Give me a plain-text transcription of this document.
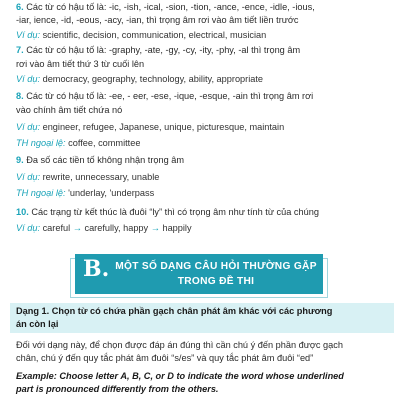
6. Các từ có hậu tố là: -ic, -ish, -ical, -sion, -tion, -ance, -ence, -idle, -ious,
-iar, ience, -id, -eous, -acy, -ian, thì trọng âm rơi vào âm tiết liền trước
Ví dụ: scientific, decision, communication, electrical, musician
7. Các từ có hậu tố là: -graphy, -ate, -gy, -cy, -ity, -phy, -al thì trọng âm
rơi vào âm tiết thứ 3 từ cuối lên
Ví dụ: democracy, geography, technology, ability, appropriate
8. Các từ có hậu tố là: -ee, - eer, -ese, -ique, -esque, -ain thì trọng âm rơi
vào chính âm tiết chứa nó
Ví dụ: engineer, refugee, Japanese, unique, picturesque, maintain
TH ngoại lệ: coffee, committee
9. Đa số các tiền tố không nhận trọng âm
Ví dụ: rewrite, unnecessary, unable
TH ngoại lệ: 'underlay, 'underpass
10. Các trạng từ kết thúc là đuôi “ly” thì có trọng âm như tính từ của chúng
Ví dụ: careful → carefully, happy → happily
B. MỘT SỐ DẠNG CÂU HỎI THƯỜNG GẶP
TRONG ĐỀ THI
Dạng 1. Chọn từ có chứa phần gạch chân phát âm khác với các phương
án còn lại
Đối với dạng này, để chọn được đáp án đúng thì cần chú ý đến phần được gạch
chân, chú ý đến quy tắc phát âm đuôi “s/es” và quy tắc phát âm đuôi “ed”
Example: Choose letter A, B, C, or D to indicate the word whose underlined
part is pronounced differently from the others.
